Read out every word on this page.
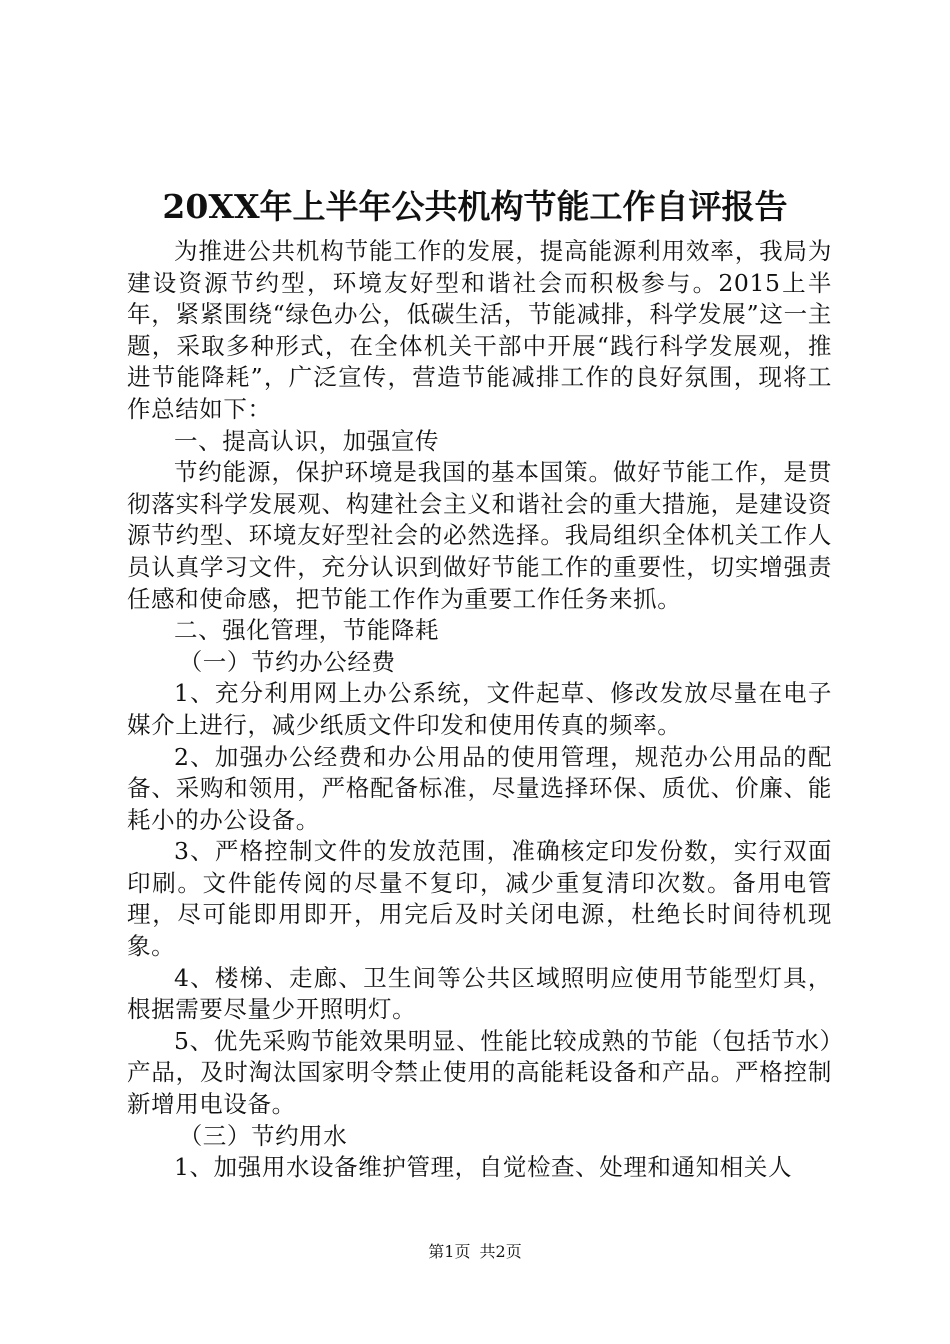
20XX年上半年公共机构节能工作自评报告

为推进公共机构节能工作的发展，提高能源利用效率，我局为建设资源节约型，环境友好型和谐社会而积极参与。2015上半年，紧紧围绕“绿色办公，低碳生活，节能减排，科学发展”这一主题，采取多种形式，在全体机关干部中开展“践行科学发展观，推进节能降耗”，广泛宣传，营造节能减排工作的良好氛围，现将工作总结如下：

一、提高认识，加强宣传

节约能源，保护环境是我国的基本国策。做好节能工作，是贯彻落实科学发展观、构建社会主义和谐社会的重大措施，是建设资源节约型、环境友好型社会的必然选择。我局组织全体机关工作人员认真学习文件，充分认识到做好节能工作的重要性，切实增强责任感和使命感，把节能工作作为重要工作任务来抓。

二、强化管理，节能降耗

（一）节约办公经费

1、充分利用网上办公系统，文件起草、修改发放尽量在电子媒介上进行，减少纸质文件印发和使用传真的频率。

2、加强办公经费和办公用品的使用管理，规范办公用品的配备、采购和领用，严格配备标准，尽量选择环保、质优、价廉、能耗小的办公设备。

3、严格控制文件的发放范围，准确核定印发份数，实行双面印刷。文件能传阅的尽量不复印，减少重复清印次数。备用电管理，尽可能即用即开，用完后及时关闭电源，杜绝长时间待机现象。

4、楼梯、走廊、卫生间等公共区域照明应使用节能型灯具，根据需要尽量少开照明灯。

5、优先采购节能效果明显、性能比较成熟的节能（包括节水）产品，及时淘汰国家明令禁止使用的高能耗设备和产品。严格控制新增用电设备。

（三）节约用水

1、加强用水设备维护管理，自觉检查、处理和通知相关人

第1页 共2页
